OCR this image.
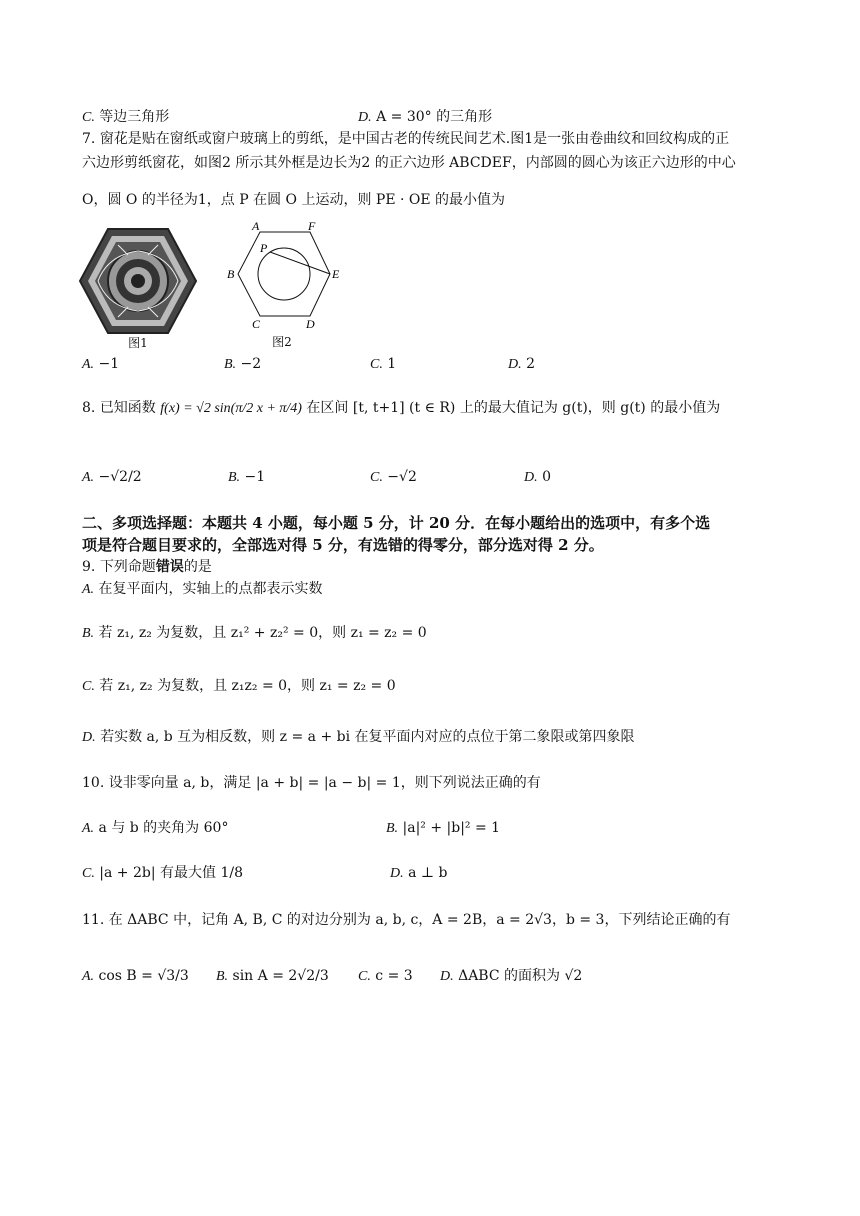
C. 等边三角形	D. A = 30° 的三角形
7. 窗花是贴在窗纸或窗户玻璃上的剪纸，是中国古老的传统民间艺术.图1是一张由卷曲纹和回纹构成的正
六边形剪纸窗花，如图2 所示其外框是边长为2 的正六边形 ABCDEF，内部圆的圆心为该正六边形的中心
O，圆 O 的半径为1，点 P 在圆 O 上运动，则 PE · OE 的最小值为
图1
A	F
B	E
C	D
P
图2
A. −1	B. −2	C. 1	D. 2
8. 已知函数 f(x) = √2 sin(π/2 x + π/4) 在区间 [t, t+1] (t ∈ R) 上的最大值记为 g(t)，则 g(t) 的最小值为
A. −√2/2	B. −1	C. −√2	D. 0
二、多项选择题：本题共 4 小题，每小题 5 分，计 20 分．在每小题给出的选项中，有多个选
项是符合题目要求的，全部选对得 5 分，有选错的得零分，部分选对得 2 分。
9. 下列命题错误的是
A. 在复平面内，实轴上的点都表示实数
B. 若 z₁, z₂ 为复数，且 z₁² + z₂² = 0，则 z₁ = z₂ = 0
C. 若 z₁, z₂ 为复数，且 z₁z₂ = 0，则 z₁ = z₂ = 0
D. 若实数 a, b 互为相反数，则 z = a + bi 在复平面内对应的点位于第二象限或第四象限
10. 设非零向量 a, b，满足 |a + b| = |a − b| = 1，则下列说法正确的有
A. a 与 b 的夹角为 60°	B. |a|² + |b|² = 1
C. |a + 2b| 有最大值 1/8	D. a ⊥ b
11. 在 ΔABC 中，记角 A, B, C 的对边分别为 a, b, c，A = 2B，a = 2√3，b = 3，下列结论正确的有
A. cos B = √3/3 B. sin A = 2√2/3 C. c = 3 D. ΔABC 的面积为 √2
